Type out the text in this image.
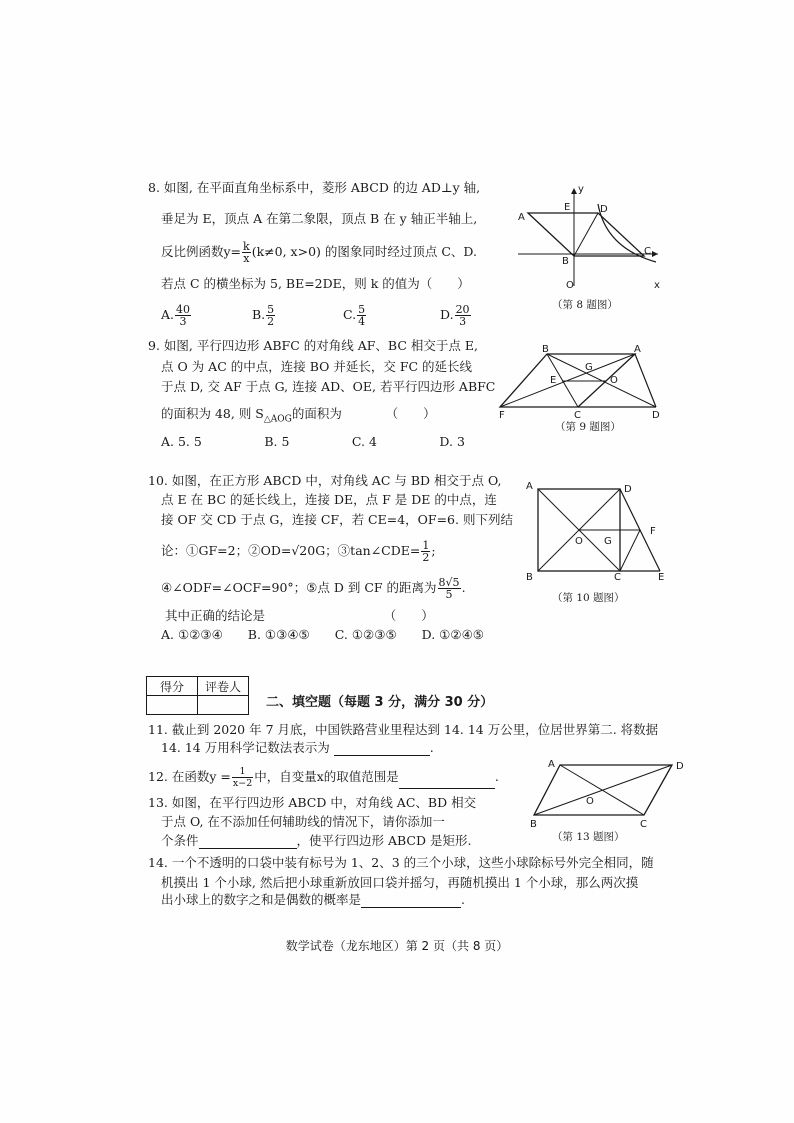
8. 如图, 在平面直角坐标系中，菱形 ABCD 的边 AD⊥y 轴,
垂足为 E，顶点 A 在第二象限，顶点 B 在 y 轴正半轴上,
反比例函数$y= \frac{k}{x} (k\ne 0$, x>0) 的图象同时经过顶点 C、D.
若点 C 的横坐标为 5, BE=2DE，则 k 的值为（　　）
A. $\frac{40}{3}$	B. $\frac{5}{2}$	C. $\frac{5}{4}$	D. $\frac{20}{3}$
A
E	D
y
C
B
O	x
（第 8 题图）
9. 如图, 平行四边形 ABFC 的对角线 AF、BC 相交于点 E,
点 O 为 AC 的中点，连接 BO 并延长，交 FC 的延长线
于点 D, 交 AF 于点 G, 连接 AD、OE, 若平行四边形 ABFC
的面积为 48, 则 $S_{\triangle AOG}$的面积为　　　　（　　）
A. 5. 5　　　　　B. 5　　　　　C. 4　　　　　D. 3
B	A
G
E	O
F	C	D
（第 9 题图）
10. 如图，在正方形 ABCD 中，对角线 AC 与 BD 相交于点 O,
点 E 在 BC 的延长线上，连接 DE，点 F 是 DE 的中点，连
接 OF 交 CD 于点 G，连接 CF，若 CE=4，OF=6. 则下列结
论：①GF=2；②OD=√20G；③tan∠CDE= $\frac{1}{2}$ ;
④∠ODF=∠OCF=90°；⑤点 D 到 CF 的距离为 $\frac{8√5}{5}$ .
其中正确的结论是　　　　　　　　　　（　　）
A. ①②③④　　B. ①③④⑤　　C. ①②③⑤　　D. ①②④⑤
A	D
F
O G
B	C	E
（第 10 题图）
得分	评卷人

二、填空题（每题 3 分，满分 30 分）
11. 截止到 2020 年 7 月底，中国铁路营业里程达到 14. 14 万公里，位居世界第二. 将数据
14. 14 万用科学记数法表示为	.
12. 在函数$y = \frac{1}{x-2}$ 中，自变量x的取值范围是	.
13. 如图，在平行四边形 ABCD 中，对角线 AC、BD 相交
于点 O, 在不添加任何辅助线的情况下，请你添加一
个条件	，使平行四边形 ABCD 是矩形.
A	D
O
B	C
（第 13 题图）
14. 一个不透明的口袋中装有标号为 1、2、3 的三个小球，这些小球除标号外完全相同，随
机摸出 1 个小球, 然后把小球重新放回口袋并摇匀，再随机摸出 1 个小球，那么两次摸
出小球上的数字之和是偶数的概率是	.
数学试卷（龙东地区）第 2 页（共 8 页）
